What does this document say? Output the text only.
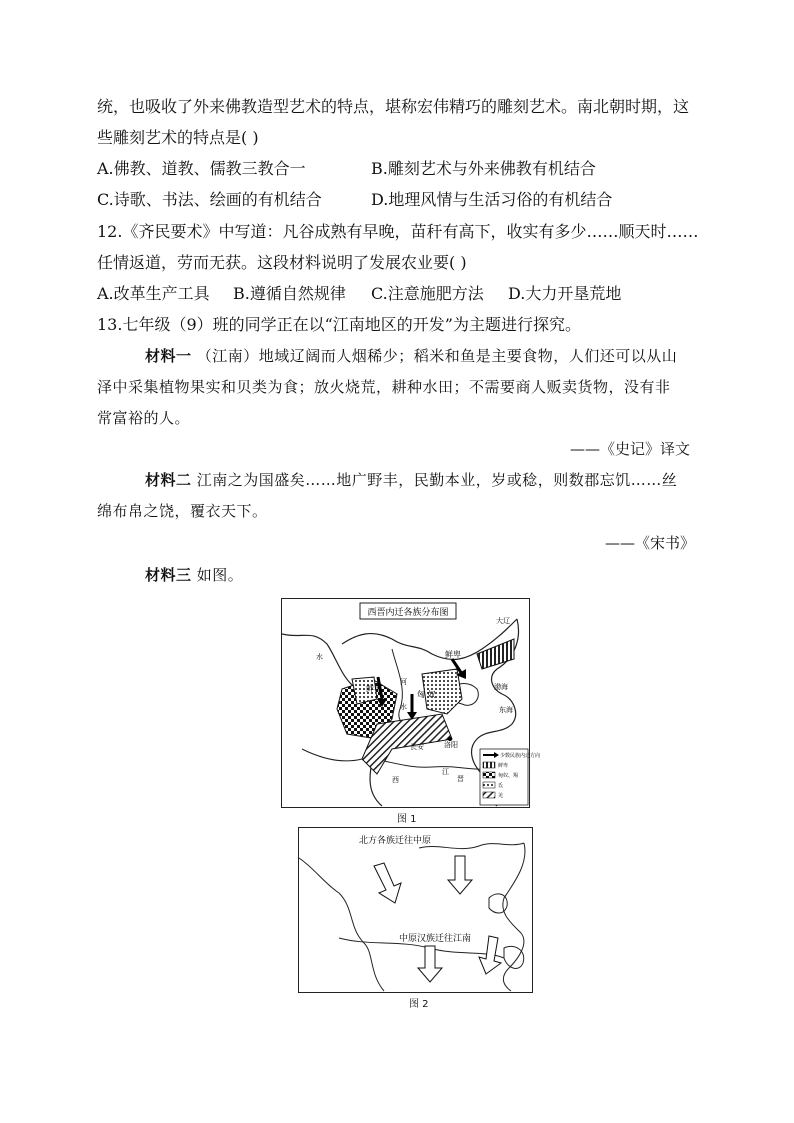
统，也吸收了外来佛教造型艺术的特点，堪称宏伟精巧的雕刻艺术。南北朝时期，这
些雕刻艺术的特点是( )
A.佛教、道教、儒教三教合一	B.雕刻艺术与外来佛教有机结合
C.诗歌、书法、绘画的有机结合	D.地理风情与生活习俗的有机结合
12.《齐民要术》中写道：凡谷成熟有早晚，苗秆有高下，收实有多少……顺天时……
任情返道，劳而无获。这段材料说明了发展农业要( )
A.改革生产工具 B.遵循自然规律 C.注意施肥方法 D.大力开垦荒地
13.七年级（9）班的同学正在以“江南地区的开发”为主题进行探究。
材料一 （江南）地域辽阔而人烟稀少；稻米和鱼是主要食物，人们还可以从山
泽中采集植物果实和贝类为食；放火烧荒，耕种水田；不需要商人贩卖货物，没有非
常富裕的人。
——《史记》译文
材料二 江南之为国盛矣……地广野丰，民勤本业，岁或稔，则数郡忘饥……丝
绵布帛之饶，覆衣天下。
——《宋书》
材料三 如图。
西晋内迁各族分布图
大辽
鲜卑
鲜卑
河
水
水
匈 奴
渤海
东海
长安	洛阳
西
江
晋
少数民族内迁方向
鲜卑
匈奴、羯
氐
羌
图 1
北方各族迁往中原
中原汉族迁往江南
图 2
